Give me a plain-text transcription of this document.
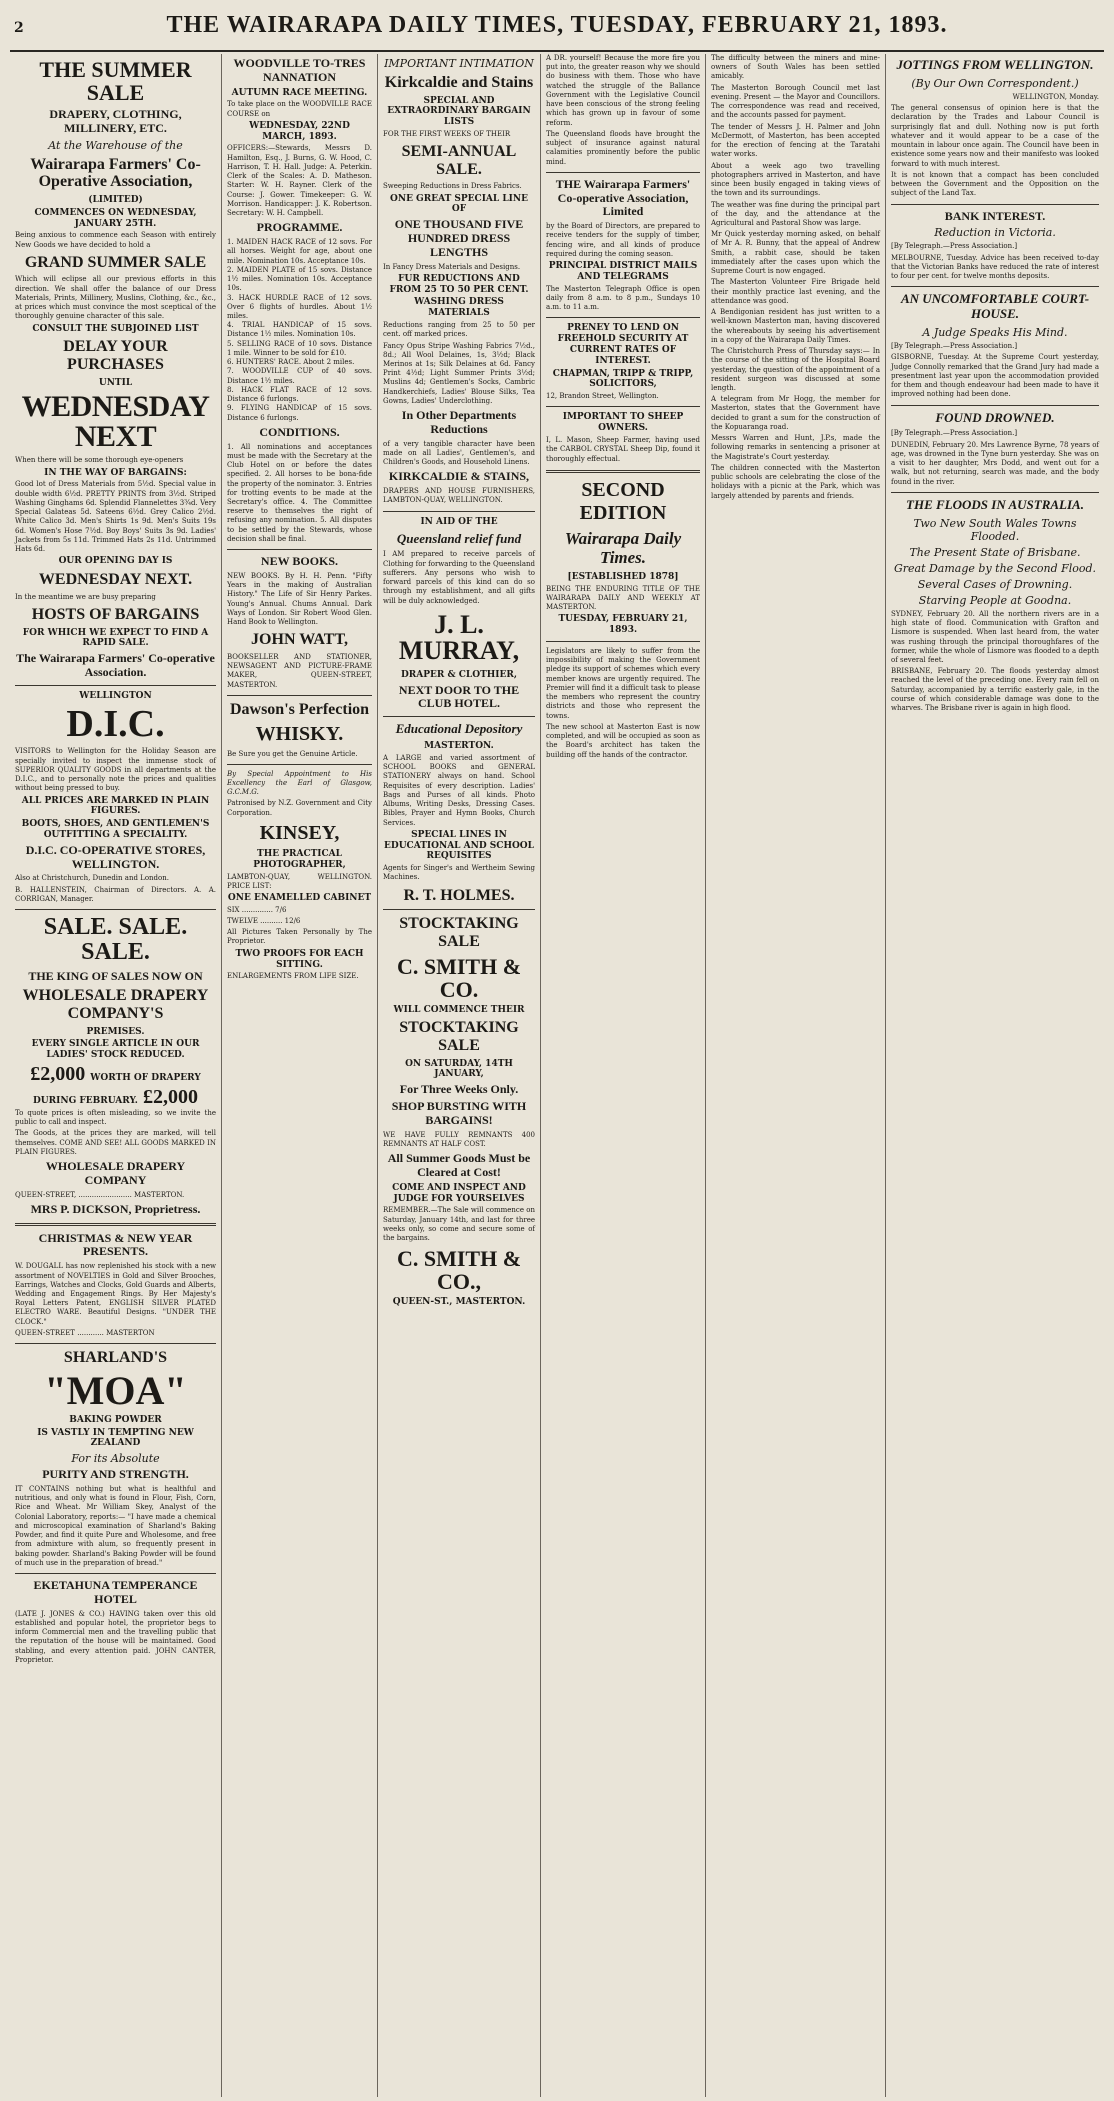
2	THE WAIRARAPA DAILY TIMES, TUESDAY, FEBRUARY 21, 1893.
THE SUMMER SALE
DRAPERY, CLOTHING, MILLINERY, ETC.
At the Warehouse of the
Wairarapa Farmers' Co-Operative Association,
(LIMITED)
COMMENCES ON WEDNESDAY, JANUARY 25TH.

Being anxious to commence each Season with entirely New Goods we have decided to hold a

GRAND SUMMER SALE

Which will eclipse all our previous efforts in this direction. We shall offer the balance of our Dress Materials, Prints, Millinery, Muslins, Clothing, &c., &c., at prices which must convince the most sceptical of the thoroughly genuine character of this sale.

CONSULT THE SUBJOINED LIST
DELAY YOUR PURCHASES
UNTIL
WEDNESDAY NEXT

When there will be some thorough eye-openers

IN THE WAY OF BARGAINS:

Good lot of Dress Materials from 5½d. Special value in double width 6½d. PRETTY PRINTS from 3½d. Striped Washing Ginghams 6d. Splendid Flannelettes 3¾d. Very Special Galateas 5d. Sateens 6½d. Grey Calico 2½d. White Calico 3d. Men's Shirts 1s 9d. Men's Suits 19s 6d. Women's Hose 7½d. Boy Boys' Suits 3s 9d. Ladies' Jackets from 5s 11d. Trimmed Hats 2s 11d. Untrimmed Hats 6d.

OUR OPENING DAY IS
WEDNESDAY NEXT.

In the meantime we are busy preparing

HOSTS OF BARGAINS
FOR WHICH WE EXPECT TO FIND A RAPID SALE.
The Wairarapa Farmers' Co-operative Association.
WELLINGTON
D.I.C.

VISITORS to Wellington for the Holiday Season are specially invited to inspect the immense stock of SUPERIOR QUALITY GOODS in all departments at the D.I.C., and to personally note the prices and qualities without being pressed to buy.

ALL PRICES ARE MARKED IN PLAIN FIGURES.
BOOTS, SHOES, AND GENTLEMEN'S OUTFITTING A SPECIALITY.
D.I.C. CO-OPERATIVE STORES, WELLINGTON.

Also at Christchurch, Dunedin and London.

B. HALLENSTEIN, Chairman of Directors. A. A. CORRIGAN, Manager.

SALE. SALE. SALE.
THE KING OF SALES NOW ON
WHOLESALE DRAPERY COMPANY'S
PREMISES.
EVERY SINGLE ARTICLE IN OUR LADIES' STOCK REDUCED.
£2,000 WORTH OF DRAPERY DURING FEBRUARY. £2,000

To quote prices is often misleading, so we invite the public to call and inspect.

The Goods, at the prices they are marked, will tell themselves. COME AND SEE! ALL GOODS MARKED IN PLAIN FIGURES.

WHOLESALE DRAPERY COMPANY

QUEEN-STREET, ........................ MASTERTON.

MRS P. DICKSON, Proprietress.
CHRISTMAS & NEW YEAR PRESENTS.

W. DOUGALL has now replenished his stock with a new assortment of NOVELTIES in Gold and Silver Brooches, Earrings, Watches and Clocks, Gold Guards and Alberts, Wedding and Engagement Rings. By Her Majesty's Royal Letters Patent, ENGLISH SILVER PLATED ELECTRO WARE. Beautiful Designs. "UNDER THE CLOCK."

QUEEN-STREET ............ MASTERTON

SHARLAND'S
"MOA"
BAKING POWDER
IS VASTLY IN TEMPTING NEW ZEALAND
For its Absolute
PURITY AND STRENGTH.

IT CONTAINS nothing but what is healthful and nutritious, and only what is found in Flour, Fish, Corn, Rice and Wheat. Mr William Skey, Analyst of the Colonial Laboratory, reports:— "I have made a chemical and microscopical examination of Sharland's Baking Powder, and find it quite Pure and Wholesome, and free from admixture with alum, so frequently present in baking powder. Sharland's Baking Powder will be found of much use in the preparation of bread."

EKETAHUNA TEMPERANCE HOTEL

(LATE J. JONES & CO.) HAVING taken over this old established and popular hotel, the proprietor begs to inform Commercial men and the travelling public that the reputation of the house will be maintained. Good stabling, and every attention paid. JOHN CANTER, Proprietor.

WOODVILLE TO-TRES NANNATION
AUTUMN RACE MEETING.

To take place on the WOODVILLE RACE COURSE on

WEDNESDAY, 22ND MARCH, 1893.

OFFICERS:—Stewards, Messrs D. Hamilton, Esq., J. Burns, G. W. Hood, C. Harrison, T. H. Hall. Judge: A. Peterkin. Clerk of the Scales: A. D. Matheson. Starter: W. H. Rayner. Clerk of the Course: J. Gower. Timekeeper: G. W. Morrison. Handicapper: J. K. Robertson. Secretary: W. H. Campbell.

PROGRAMME.

1. MAIDEN HACK RACE of 12 sovs. For all horses. Weight for age, about one mile. Nomination 10s. Acceptance 10s.
2. MAIDEN PLATE of 15 sovs. Distance 1½ miles. Nomination 10s. Acceptance 10s.
3. HACK HURDLE RACE of 12 sovs. Over 6 flights of hurdles. About 1½ miles.
4. TRIAL HANDICAP of 15 sovs. Distance 1½ miles. Nomination 10s.
5. SELLING RACE of 10 sovs. Distance 1 mile. Winner to be sold for £10.
6. HUNTERS' RACE. About 2 miles.
7. WOODVILLE CUP of 40 sovs. Distance 1½ miles.
8. HACK FLAT RACE of 12 sovs. Distance 6 furlongs.
9. FLYING HANDICAP of 15 sovs. Distance 6 furlongs.

CONDITIONS.

1. All nominations and acceptances must be made with the Secretary at the Club Hotel on or before the dates specified. 2. All horses to be bona-fide the property of the nominator. 3. Entries for trotting events to be made at the Secretary's office. 4. The Committee reserve to themselves the right of refusing any nomination. 5. All disputes to be settled by the Stewards, whose decision shall be final.

NEW BOOKS.

NEW BOOKS. By H. H. Penn. "Fifty Years in the making of Australian History." The Life of Sir Henry Parkes. Young's Annual. Chums Annual. Dark Ways of London. Sir Robert Wood Glen. Hand Book to Wellington.

JOHN WATT,

BOOKSELLER AND STATIONER, NEWSAGENT AND PICTURE-FRAME MAKER, QUEEN-STREET, MASTERTON.

Dawson's Perfection
WHISKY.

Be Sure you get the Genuine Article.

By Special Appointment to His Excellency the Earl of Glasgow, G.C.M.G.

Patronised by N.Z. Government and City Corporation.

KINSEY,
THE PRACTICAL PHOTOGRAPHER,

LAMBTON-QUAY, WELLINGTON. PRICE LIST:

ONE ENAMELLED CABINET

SIX .............. 7/6

TWELVE .......... 12/6

All Pictures Taken Personally by The Proprietor.

TWO PROOFS FOR EACH SITTING.

ENLARGEMENTS FROM LIFE SIZE.

IMPORTANT INTIMATION
Kirkcaldie and Stains
SPECIAL AND EXTRAORDINARY BARGAIN LISTS

FOR THE FIRST WEEKS OF THEIR

SEMI-ANNUAL SALE.

Sweeping Reductions in Dress Fabrics.

ONE GREAT SPECIAL LINE OF
ONE THOUSAND FIVE HUNDRED DRESS LENGTHS

In Fancy Dress Materials and Designs.

FUR REDUCTIONS AND FROM 25 TO 50 PER CENT.
WASHING DRESS MATERIALS

Reductions ranging from 25 to 50 per cent. off marked prices.

Fancy Opus Stripe Washing Fabrics 7½d., 8d.; All Wool Delaines, 1s, 3½d; Black Merinos at 1s; Silk Delaines at 6d. Fancy Print 4½d; Light Summer Prints 3½d; Muslins 4d; Gentlemen's Socks, Cambric Handkerchiefs, Ladies' Blouse Silks, Tea Gowns, Ladies' Underclothing.

In Other Departments Reductions

of a very tangible character have been made on all Ladies', Gentlemen's, and Children's Goods, and Household Linens.

KIRKCALDIE & STAINS,

DRAPERS AND HOUSE FURNISHERS, LAMBTON-QUAY, WELLINGTON.

IN AID OF THE
Queensland relief fund

I AM prepared to receive parcels of Clothing for forwarding to the Queensland sufferers. Any persons who wish to forward parcels of this kind can do so through my establishment, and all gifts will be duly acknowledged.

J. L. MURRAY,
DRAPER & CLOTHIER,
NEXT DOOR TO THE CLUB HOTEL.
Educational Depository
MASTERTON.

A LARGE and varied assortment of SCHOOL BOOKS and GENERAL STATIONERY always on hand. School Requisites of every description. Ladies' Bags and Purses of all kinds. Photo Albums, Writing Desks, Dressing Cases. Bibles, Prayer and Hymn Books, Church Services.

SPECIAL LINES IN EDUCATIONAL AND SCHOOL REQUISITES

Agents for Singer's and Wertheim Sewing Machines.

R. T. HOLMES.
STOCKTAKING SALE
C. SMITH & CO.
WILL COMMENCE THEIR
STOCKTAKING SALE
ON SATURDAY, 14TH JANUARY,
For Three Weeks Only.
SHOP BURSTING WITH BARGAINS!

WE HAVE FULLY REMNANTS 400 REMNANTS AT HALF COST.

All Summer Goods Must be Cleared at Cost!
COME AND INSPECT AND JUDGE FOR YOURSELVES

REMEMBER.—The Sale will commence on Saturday, January 14th, and last for three weeks only, so come and secure some of the bargains.

C. SMITH & CO.,
QUEEN-ST., MASTERTON.

A DR. yourself! Because the more fire you put into, the greater reason why we should do business with them. Those who have watched the struggle of the Ballance Government with the Legislative Council have been conscious of the strong feeling which has grown up in favour of some reform.

The Queensland floods have brought the subject of insurance against natural calamities prominently before the public mind.

THE Wairarapa Farmers' Co-operative Association, Limited

by the Board of Directors, are prepared to receive tenders for the supply of timber, fencing wire, and all kinds of produce required during the coming season.

PRINCIPAL DISTRICT MAILS AND TELEGRAMS

The Masterton Telegraph Office is open daily from 8 a.m. to 8 p.m., Sundays 10 a.m. to 11 a.m.

PRENEY TO LEND ON FREEHOLD SECURITY AT CURRENT RATES OF INTEREST.
CHAPMAN, TRIPP & TRIPP, SOLICITORS,

12, Brandon Street, Wellington.

IMPORTANT TO SHEEP OWNERS.

I, L. Mason, Sheep Farmer, having used the CARBOL CRYSTAL Sheep Dip, found it thoroughly effectual.

SECOND EDITION
Wairarapa Daily Times.
[ESTABLISHED 1878]

BEING THE ENDURING TITLE OF THE WAIRARAPA DAILY AND WEEKLY AT MASTERTON.

TUESDAY, FEBRUARY 21, 1893.

Legislators are likely to suffer from the impossibility of making the Government pledge its support of schemes which every member knows are urgently required. The Premier will find it a difficult task to please the members who represent the country districts and those who represent the towns.

The new school at Masterton East is now completed, and will be occupied as soon as the Board's architect has taken the building off the hands of the contractor.

The difficulty between the miners and mine-owners of South Wales has been settled amicably.

The Masterton Borough Council met last evening. Present — the Mayor and Councillors. The correspondence was read and received, and the accounts passed for payment.

The tender of Messrs J. H. Palmer and John McDermott, of Masterton, has been accepted for the erection of fencing at the Taratahi water works.

About a week ago two travelling photographers arrived in Masterton, and have since been busily engaged in taking views of the town and its surroundings.

The weather was fine during the principal part of the day, and the attendance at the Agricultural and Pastoral Show was large.

Mr Quick yesterday morning asked, on behalf of Mr A. R. Bunny, that the appeal of Andrew Smith, a rabbit case, should be taken immediately after the cases upon which the Supreme Court is now engaged.

The Masterton Volunteer Fire Brigade held their monthly practice last evening, and the attendance was good.

A Bendigonian resident has just written to a well-known Masterton man, having discovered the whereabouts by seeing his advertisement in a copy of the Wairarapa Daily Times.

The Christchurch Press of Thursday says:— In the course of the sitting of the Hospital Board yesterday, the question of the appointment of a resident surgeon was discussed at some length.

A telegram from Mr Hogg, the member for Masterton, states that the Government have decided to grant a sum for the construction of the Kopuaranga road.

Messrs Warren and Hunt, J.P.s, made the following remarks in sentencing a prisoner at the Magistrate's Court yesterday.

The children connected with the Masterton public schools are celebrating the close of the holidays with a picnic at the Park, which was largely attended by parents and friends.

JOTTINGS FROM WELLINGTON.
(By Our Own Correspondent.)

WELLINGTON, Monday.

The general consensus of opinion here is that the declaration by the Trades and Labour Council is surprisingly flat and dull. Nothing now is put forth whatever and it would appear to be a case of the mountain in labour once again. The Council have been in existence some years now and their manifesto was looked forward to with much interest.

It is not known that a compact has been concluded between the Government and the Opposition on the subject of the Land Tax.

BANK INTEREST.
Reduction in Victoria.
[By Telegraph.—Press Association.]

MELBOURNE, Tuesday. Advice has been received to-day that the Victorian Banks have reduced the rate of interest to four per cent. for twelve months deposits.

AN UNCOMFORTABLE COURT-HOUSE.
A Judge Speaks His Mind.
[By Telegraph.—Press Association.]

GISBORNE, Tuesday. At the Supreme Court yesterday, Judge Connolly remarked that the Grand Jury had made a presentment last year upon the accommodation provided for them and though endeavour had been made to have it improved nothing had been done.

FOUND DROWNED.
[By Telegraph.—Press Association.]

DUNEDIN, February 20. Mrs Lawrence Byrne, 78 years of age, was drowned in the Tyne burn yesterday. She was on a visit to her daughter, Mrs Dodd, and went out for a walk, but not returning, search was made, and the body found in the river.

THE FLOODS IN AUSTRALIA.
Two New South Wales Towns Flooded.
The Present State of Brisbane.
Great Damage by the Second Flood.
Several Cases of Drowning.
Starving People at Goodna.

SYDNEY, February 20. All the northern rivers are in a high state of flood. Communication with Grafton and Lismore is suspended. When last heard from, the water was rushing through the principal thoroughfares of the former, while the whole of Lismore was flooded to a depth of several feet.

BRISBANE, February 20. The floods yesterday almost reached the level of the preceding one. Every rain fell on Saturday, accompanied by a terrific easterly gale, in the course of which considerable damage was done to the wharves. The Brisbane river is again in high flood.
